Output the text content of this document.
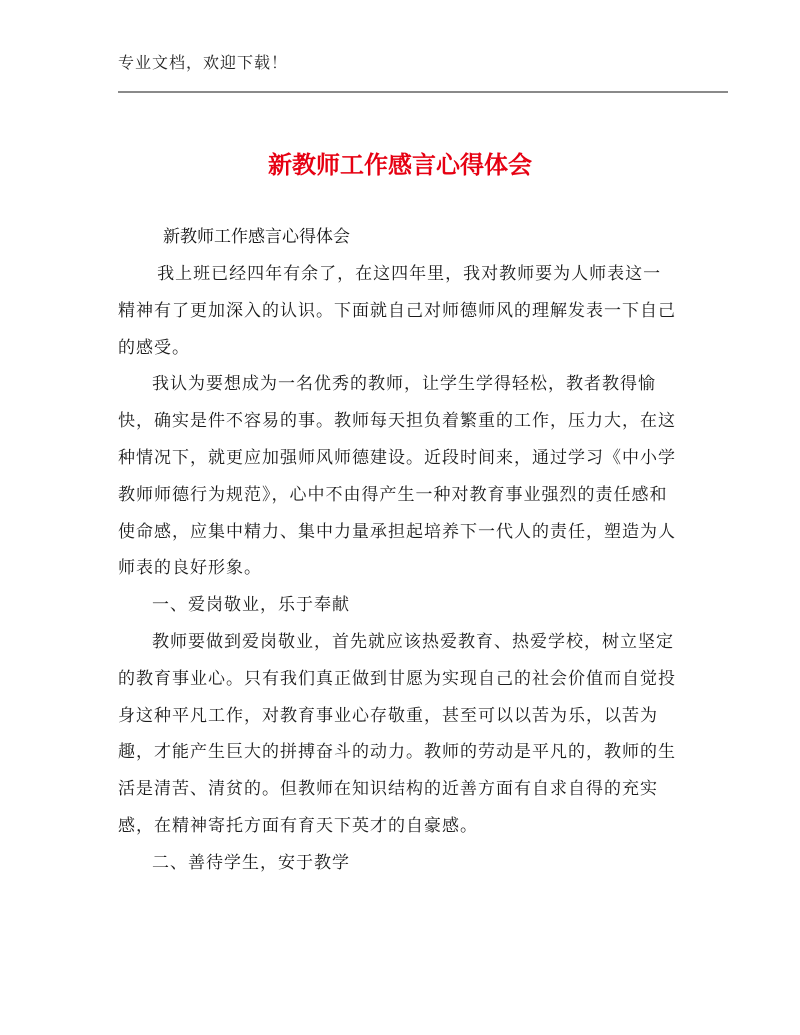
专业文档，欢迎下载！
新教师工作感言心得体会
新教师工作感言心得体会

我上班已经四年有余了，在这四年里，我对教师要为人师表这一精神有了更加深入的认识。下面就自己对师德师风的理解发表一下自己的感受。

我认为要想成为一名优秀的教师，让学生学得轻松，教者教得愉快，确实是件不容易的事。教师每天担负着繁重的工作，压力大，在这种情况下，就更应加强师风师德建设。近段时间来，通过学习《中小学教师师德行为规范》，心中不由得产生一种对教育事业强烈的责任感和使命感，应集中精力、集中力量承担起培养下一代人的责任，塑造为人师表的良好形象。

一、爱岗敬业，乐于奉献

教师要做到爱岗敬业，首先就应该热爱教育、热爱学校，树立坚定的教育事业心。只有我们真正做到甘愿为实现自己的社会价值而自觉投身这种平凡工作，对教育事业心存敬重，甚至可以以苦为乐，以苦为趣，才能产生巨大的拼搏奋斗的动力。教师的劳动是平凡的，教师的生活是清苦、清贫的。但教师在知识结构的近善方面有自求自得的充实感，在精神寄托方面有育天下英才的自豪感。

二、善待学生，安于教学
